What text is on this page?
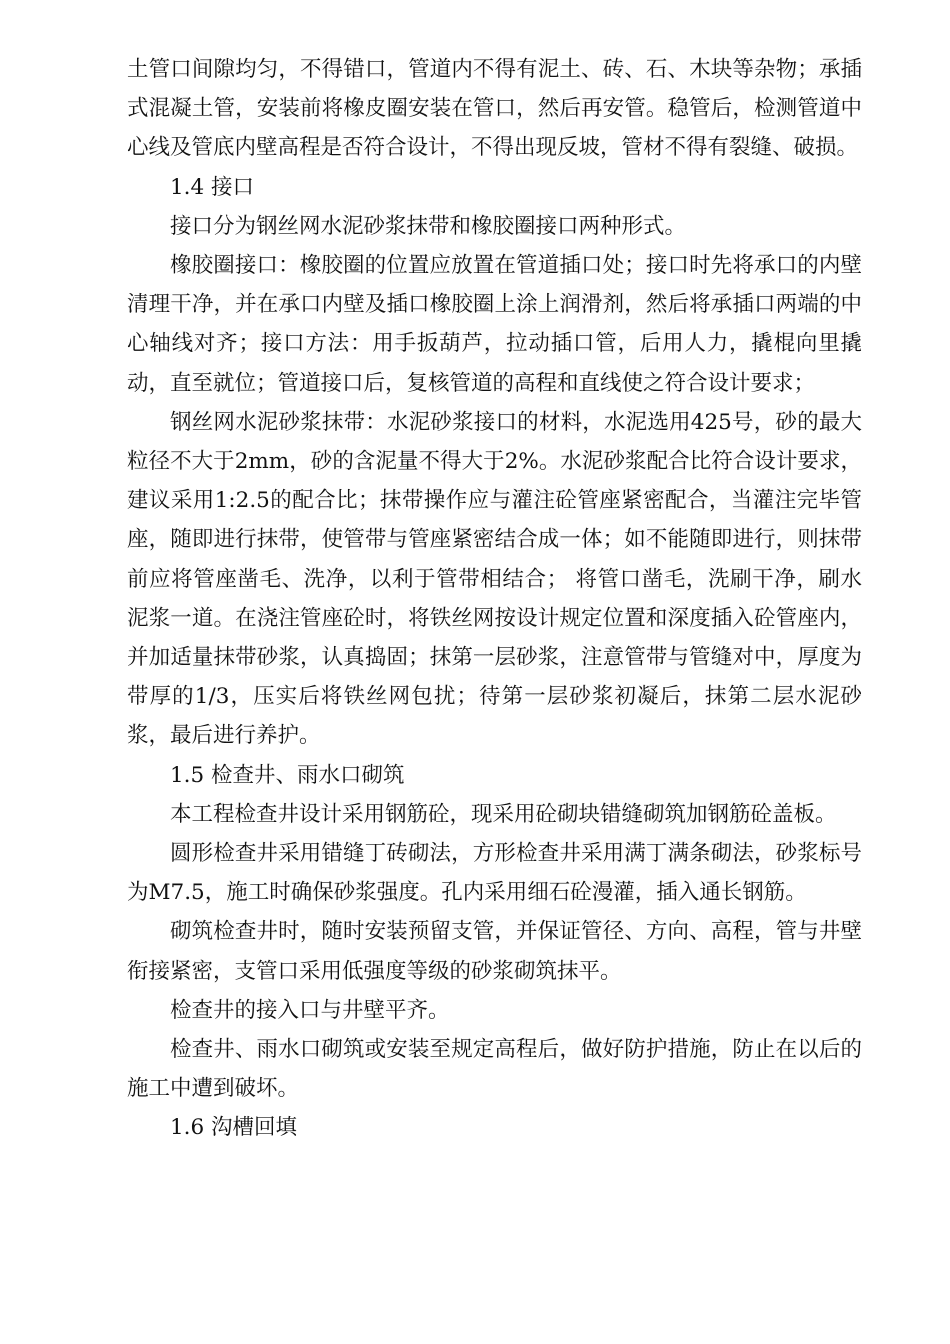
土管口间隙均匀，不得错口，管道内不得有泥土、砖、石、木块等杂物；承插式混凝土管，安装前将橡皮圈安装在管口，然后再安管。稳管后，检测管道中心线及管底内壁高程是否符合设计，不得出现反坡，管材不得有裂缝、破损。

1.4 接口

接口分为钢丝网水泥砂浆抹带和橡胶圈接口两种形式。

橡胶圈接口：橡胶圈的位置应放置在管道插口处；接口时先将承口的内壁清理干净，并在承口内壁及插口橡胶圈上涂上润滑剂，然后将承插口两端的中心轴线对齐；接口方法：用手扳葫芦，拉动插口管，后用人力，撬棍向里撬动，直至就位；管道接口后，复核管道的高程和直线使之符合设计要求；

钢丝网水泥砂浆抹带：水泥砂浆接口的材料，水泥选用425号，砂的最大粒径不大于2mm，砂的含泥量不得大于2%。水泥砂浆配合比符合设计要求，建议采用1:2.5的配合比；抹带操作应与灌注砼管座紧密配合，当灌注完毕管座，随即进行抹带，使管带与管座紧密结合成一体；如不能随即进行，则抹带前应将管座凿毛、洗净，以利于管带相结合； 将管口凿毛，洗刷干净，刷水泥浆一道。在浇注管座砼时，将铁丝网按设计规定位置和深度插入砼管座内，并加适量抹带砂浆，认真捣固；抹第一层砂浆，注意管带与管缝对中，厚度为带厚的1/3，压实后将铁丝网包扰；待第一层砂浆初凝后，抹第二层水泥砂浆，最后进行养护。

1.5 检查井、雨水口砌筑

本工程检查井设计采用钢筋砼，现采用砼砌块错缝砌筑加钢筋砼盖板。

圆形检查井采用错缝丁砖砌法，方形检查井采用满丁满条砌法，砂浆标号为M7.5，施工时确保砂浆强度。孔内采用细石砼漫灌，插入通长钢筋。

砌筑检查井时，随时安装预留支管，并保证管径、方向、高程，管与井壁衔接紧密，支管口采用低强度等级的砂浆砌筑抹平。

检查井的接入口与井壁平齐。

检查井、雨水口砌筑或安装至规定高程后，做好防护措施，防止在以后的施工中遭到破坏。

1.6 沟槽回填
